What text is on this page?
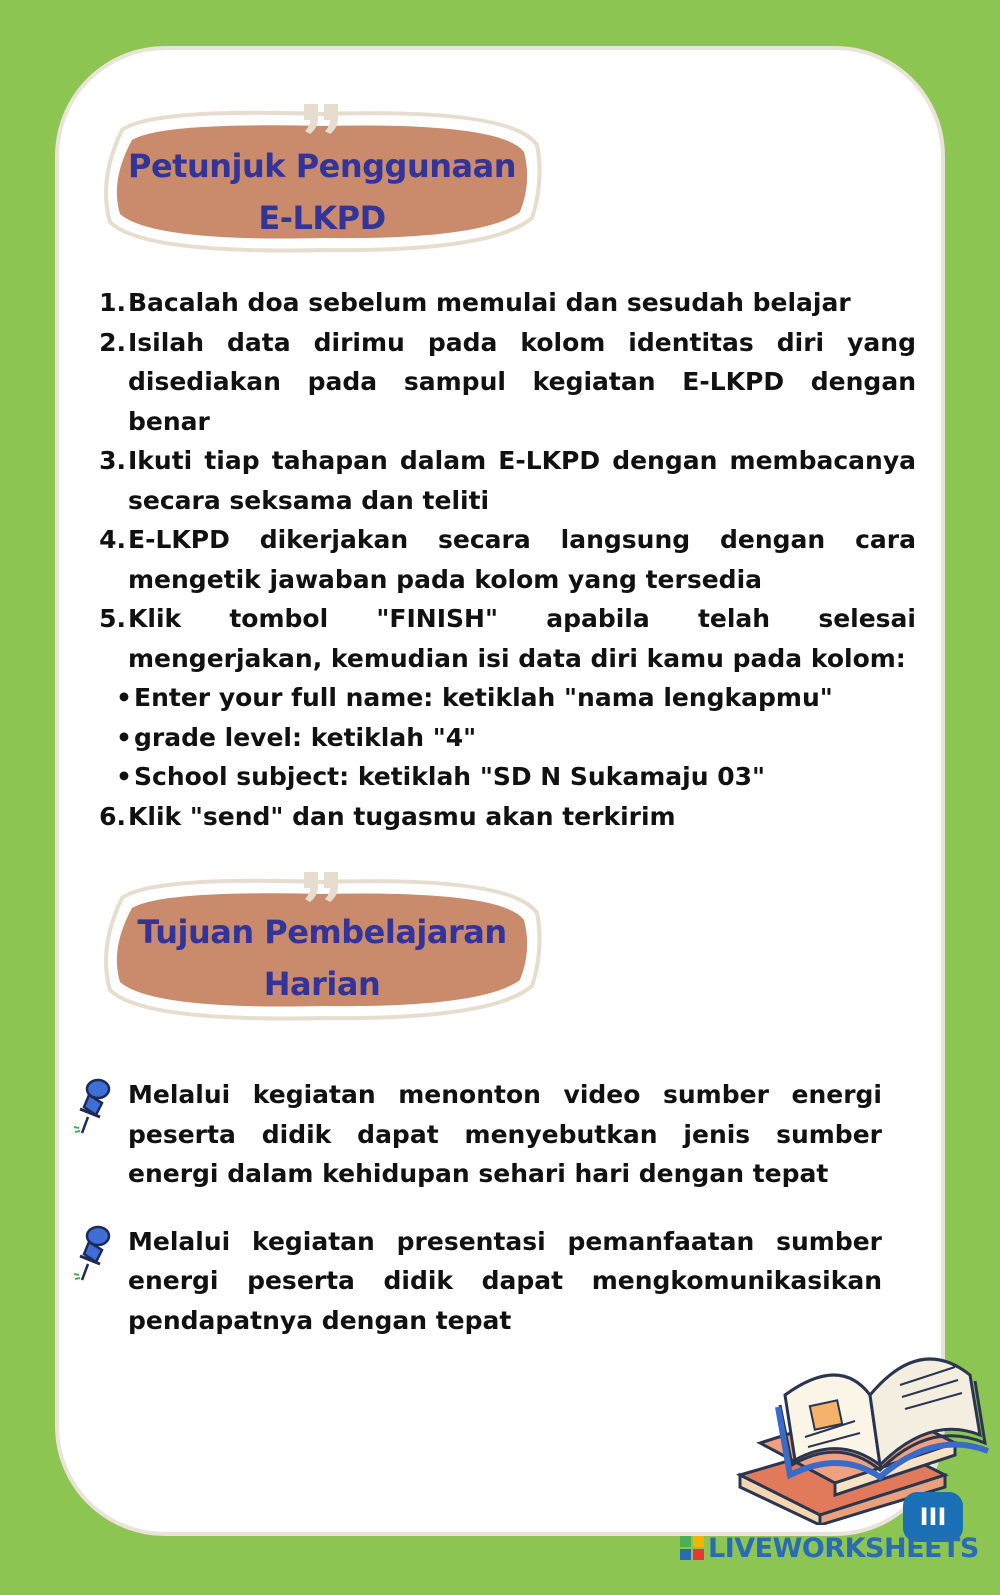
Petunjuk Penggunaan
E-LKPD
1. Bacalah doa sebelum memulai dan sesudah belajar
2. Isilah data dirimu pada kolom identitas diri yang disediakan pada sampul kegiatan E-LKPD dengan benar
3. Ikuti tiap tahapan dalam E-LKPD dengan membacanya secara seksama dan teliti
4. E-LKPD dikerjakan secara langsung dengan cara mengetik jawaban pada kolom yang tersedia
5. Klik tombol "FINISH" apabila telah selesai mengerjakan, kemudian isi data diri kamu pada kolom:
• Enter your full name: ketiklah "nama lengkapmu"
• grade level: ketiklah "4"
• School subject: ketiklah "SD N Sukamaju 03"
6. Klik "send" dan tugasmu akan terkirim
Tujuan Pembelajaran
Harian
Melalui kegiatan menonton video sumber energi peserta didik dapat menyebutkan jenis sumber energi dalam kehidupan sehari hari dengan tepat
Melalui kegiatan presentasi pemanfaatan sumber energi peserta didik dapat mengkomunikasikan pendapatnya dengan tepat
III
LIVEWORKSHEETS
